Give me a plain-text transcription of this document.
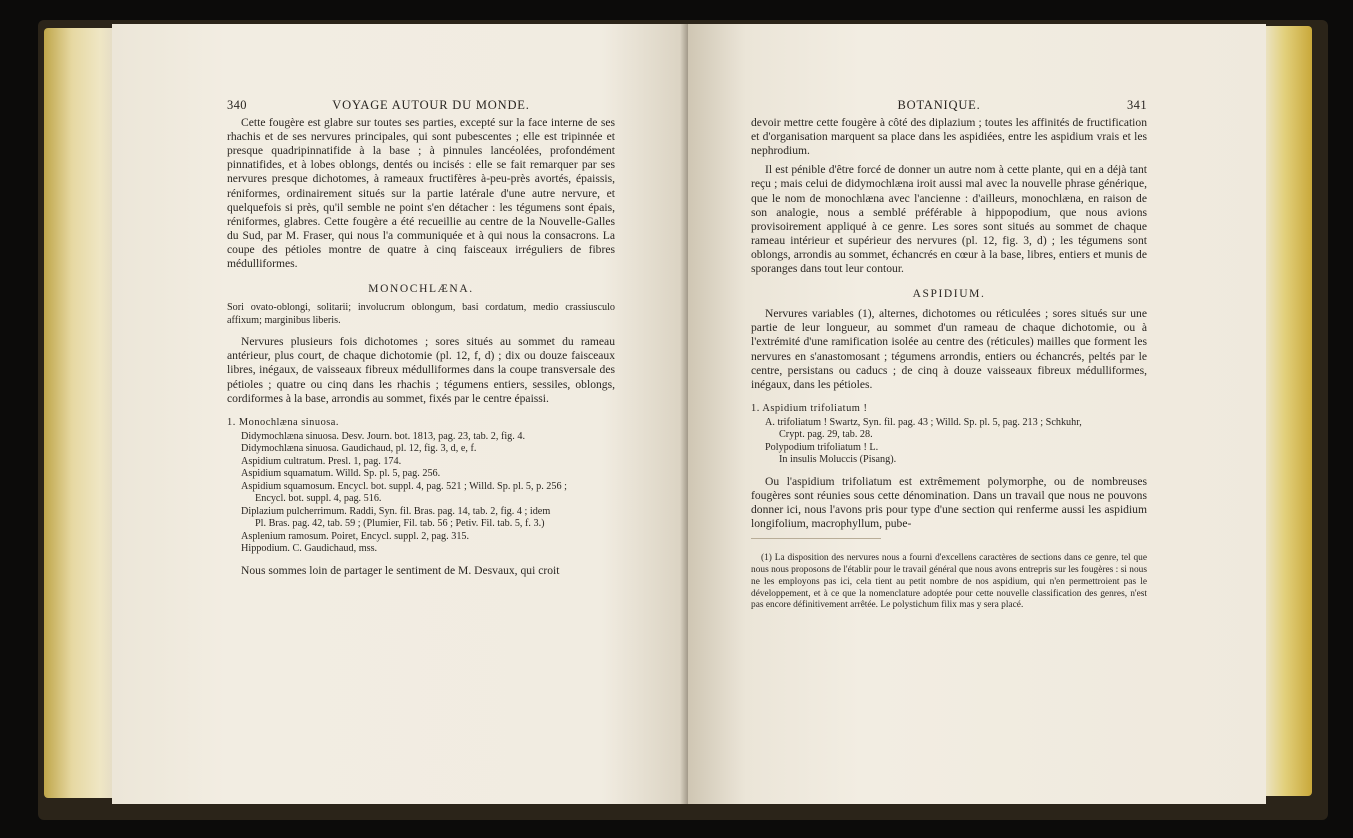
340	VOYAGE AUTOUR DU MONDE.

Cette fougère est glabre sur toutes ses parties, excepté sur la face interne de ses rhachis et de ses nervures principales, qui sont pubescentes ; elle est tripinnée et presque quadripinnatifide à la base ; à pinnules lancéolées, profondément pinnatifides, et à lobes oblongs, dentés ou incisés : elle se fait remarquer par ses nervures presque dichotomes, à rameaux fructifères à-peu-près avortés, épaissis, réniformes, ordinairement situés sur la partie latérale d'une autre nervure, et quelquefois si près, qu'il semble ne point s'en détacher : les tégumens sont épais, réniformes, glabres. Cette fougère a été recueillie au centre de la Nouvelle-Galles du Sud, par M. Fraser, qui nous l'a communiquée et à qui nous la consacrons. La coupe des pétioles montre de quatre à cinq faisceaux irréguliers de fibres médulliformes.

MONOCHLÆNA.

Sori ovato-oblongi, solitarii; involucrum oblongum, basi cordatum, medio crassiusculo affixum; marginibus liberis.

Nervures plusieurs fois dichotomes ; sores situés au sommet du rameau antérieur, plus court, de chaque dichotomie (pl. 12, f, d) ; dix ou douze faisceaux libres, inégaux, de vaisseaux fibreux médulliformes dans la coupe transversale des pétioles ; quatre ou cinq dans les rhachis ; tégumens entiers, sessiles, oblongs, cordiformes à la base, arrondis au sommet, fixés par le centre épaissi.

1. Monochlæna sinuosa.
Didymochlæna sinuosa. Desv. Journ. bot. 1813, pag. 23, tab. 2, fig. 4.
Didymochlæna sinuosa. Gaudichaud, pl. 12, fig. 3, d, e, f.
Aspidium cultratum. Presl. 1, pag. 174.
Aspidium squamatum. Willd. Sp. pl. 5, pag. 256.
Aspidium squamosum. Encycl. bot. suppl. 4, pag. 521 ; Willd. Sp. pl. 5, p. 256 ;
Encycl. bot. suppl. 4, pag. 516.
Diplazium pulcherrimum. Raddi, Syn. fil. Bras. pag. 14, tab. 2, fig. 4 ; idem
Pl. Bras. pag. 42, tab. 59 ; (Plumier, Fil. tab. 56 ; Petiv. Fil. tab. 5, f. 3.)
Asplenium ramosum. Poiret, Encycl. suppl. 2, pag. 315.
Hippodium. C. Gaudichaud, mss.

Nous sommes loin de partager le sentiment de M. Desvaux, qui croit

BOTANIQUE.	341

devoir mettre cette fougère à côté des diplazium ; toutes les affinités de fructification et d'organisation marquent sa place dans les aspidiées, entre les aspidium vrais et les nephrodium.

Il est pénible d'être forcé de donner un autre nom à cette plante, qui en a déjà tant reçu ; mais celui de didymochlæna iroit aussi mal avec la nouvelle phrase générique, que le nom de monochlæna avec l'ancienne : d'ailleurs, monochlæna, en raison de son analogie, nous a semblé préférable à hippopodium, que nous avions provisoirement appliqué à ce genre. Les sores sont situés au sommet de chaque rameau intérieur et supérieur des nervures (pl. 12, fig. 3, d) ; les tégumens sont oblongs, arrondis au sommet, échancrés en cœur à la base, libres, entiers et munis de sporanges dans tout leur contour.

ASPIDIUM.

Nervures variables (1), alternes, dichotomes ou réticulées ; sores situés sur une partie de leur longueur, au sommet d'un rameau de chaque dichotomie, ou à l'extrémité d'une ramification isolée au centre des (réticules) mailles que forment les nervures en s'anastomosant ; tégumens arrondis, entiers ou échancrés, peltés par le centre, persistans ou caducs ; de cinq à douze vaisseaux fibreux médulliformes, inégaux, dans les pétioles.

1. Aspidium trifoliatum !
A. trifoliatum ! Swartz, Syn. fil. pag. 43 ; Willd. Sp. pl. 5, pag. 213 ; Schkuhr,
Crypt. pag. 29, tab. 28.
Polypodium trifoliatum ! L.
In insulis Moluccis (Pisang).

Ou l'aspidium trifoliatum est extrêmement polymorphe, ou de nombreuses fougères sont réunies sous cette dénomination. Dans un travail que nous ne pouvons donner ici, nous l'avons pris pour type d'une section qui renferme aussi les aspidium longifolium, macrophyllum, pube-

(1) La disposition des nervures nous a fourni d'excellens caractères de sections dans ce genre, tel que nous nous proposons de l'établir pour le travail général que nous avons entrepris sur les fougères : si nous ne les employons pas ici, cela tient au petit nombre de nos aspidium, qui n'en permettroient pas le développement, et à ce que la nomenclature adoptée pour cette nouvelle classification des genres, n'est pas encore définitivement arrêtée. Le polystichum filix mas y sera placé.
